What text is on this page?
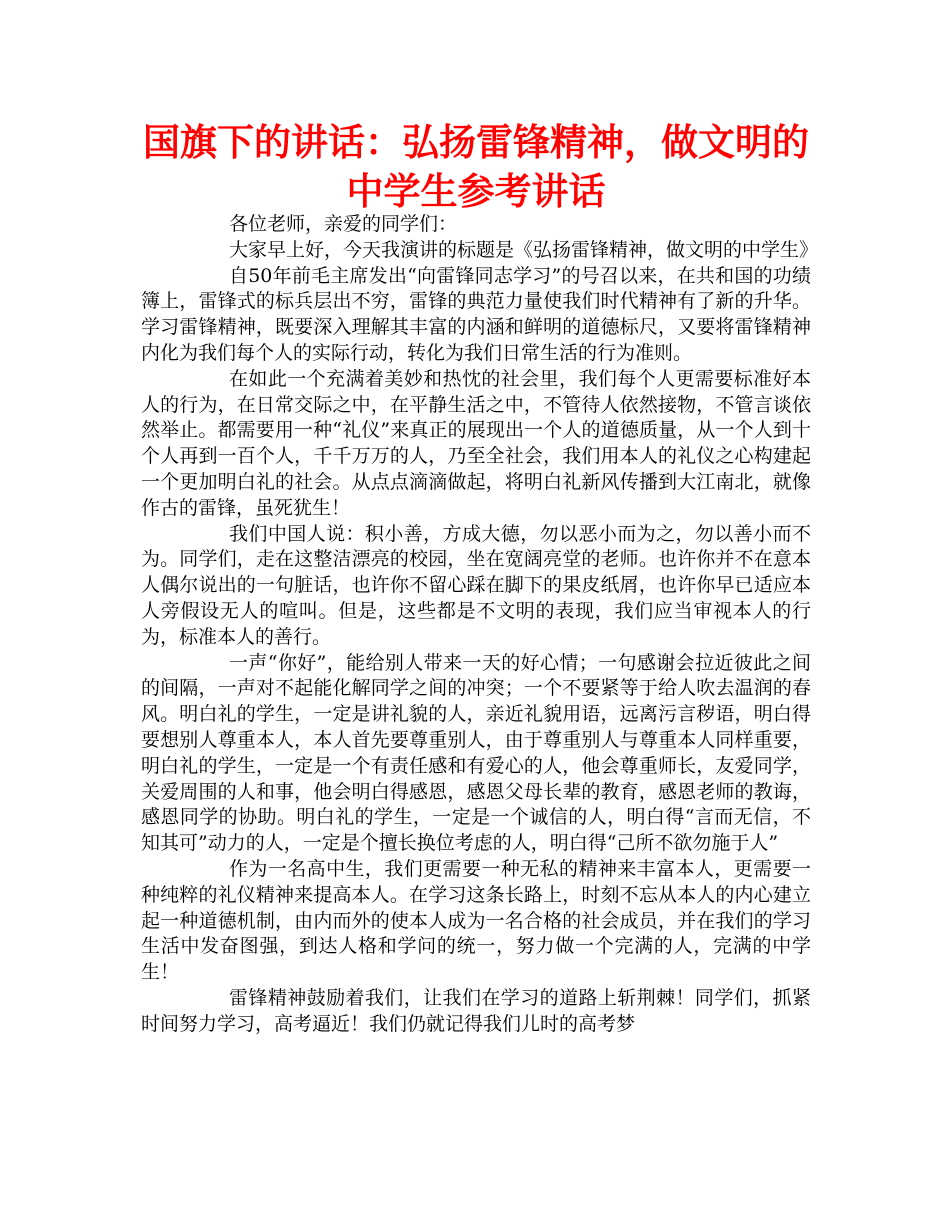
国旗下的讲话：弘扬雷锋精神，做文明的中学生参考讲话

各位老师，亲爱的同学们：

大家早上好，今天我演讲的标题是《弘扬雷锋精神，做文明的中学生》

自50年前毛主席发出“向雷锋同志学习”的号召以来，在共和国的功绩簿上，雷锋式的标兵层出不穷，雷锋的典范力量使我们时代精神有了新的升华。学习雷锋精神，既要深入理解其丰富的内涵和鲜明的道德标尺，又要将雷锋精神内化为我们每个人的实际行动，转化为我们日常生活的行为准则。

在如此一个充满着美妙和热忱的社会里，我们每个人更需要标准好本人的行为，在日常交际之中，在平静生活之中，不管待人依然接物，不管言谈依然举止。都需要用一种“礼仪”来真正的展现出一个人的道德质量，从一个人到十个人再到一百个人，千千万万的人，乃至全社会，我们用本人的礼仪之心构建起一个更加明白礼的社会。从点点滴滴做起，将明白礼新风传播到大江南北，就像作古的雷锋，虽死犹生！

我们中国人说：积小善，方成大德，勿以恶小而为之，勿以善小而不为。同学们，走在这整洁漂亮的校园，坐在宽阔亮堂的老师。也许你并不在意本人偶尔说出的一句脏话，也许你不留心踩在脚下的果皮纸屑，也许你早已适应本人旁假设无人的喧叫。但是，这些都是不文明的表现，我们应当审视本人的行为，标准本人的善行。

一声“你好”，能给别人带来一天的好心情；一句感谢会拉近彼此之间的间隔，一声对不起能化解同学之间的冲突；一个不要紧等于给人吹去温润的春风。明白礼的学生，一定是讲礼貌的人，亲近礼貌用语，远离污言秽语，明白得要想别人尊重本人，本人首先要尊重别人，由于尊重别人与尊重本人同样重要，明白礼的学生，一定是一个有责任感和有爱心的人，他会尊重师长，友爱同学，关爱周围的人和事，他会明白得感恩，感恩父母长辈的教育，感恩老师的教诲，感恩同学的协助。明白礼的学生，一定是一个诚信的人，明白得“言而无信，不知其可”动力的人，一定是个擅长换位考虑的人，明白得“己所不欲勿施于人”

作为一名高中生，我们更需要一种无私的精神来丰富本人，更需要一种纯粹的礼仪精神来提高本人。在学习这条长路上，时刻不忘从本人的内心建立起一种道德机制，由内而外的使本人成为一名合格的社会成员，并在我们的学习生活中发奋图强，到达人格和学问的统一，努力做一个完满的人，完满的中学生！

雷锋精神鼓励着我们，让我们在学习的道路上斩荆棘！同学们，抓紧时间努力学习，高考逼近！我们仍就记得我们儿时的高考梦
